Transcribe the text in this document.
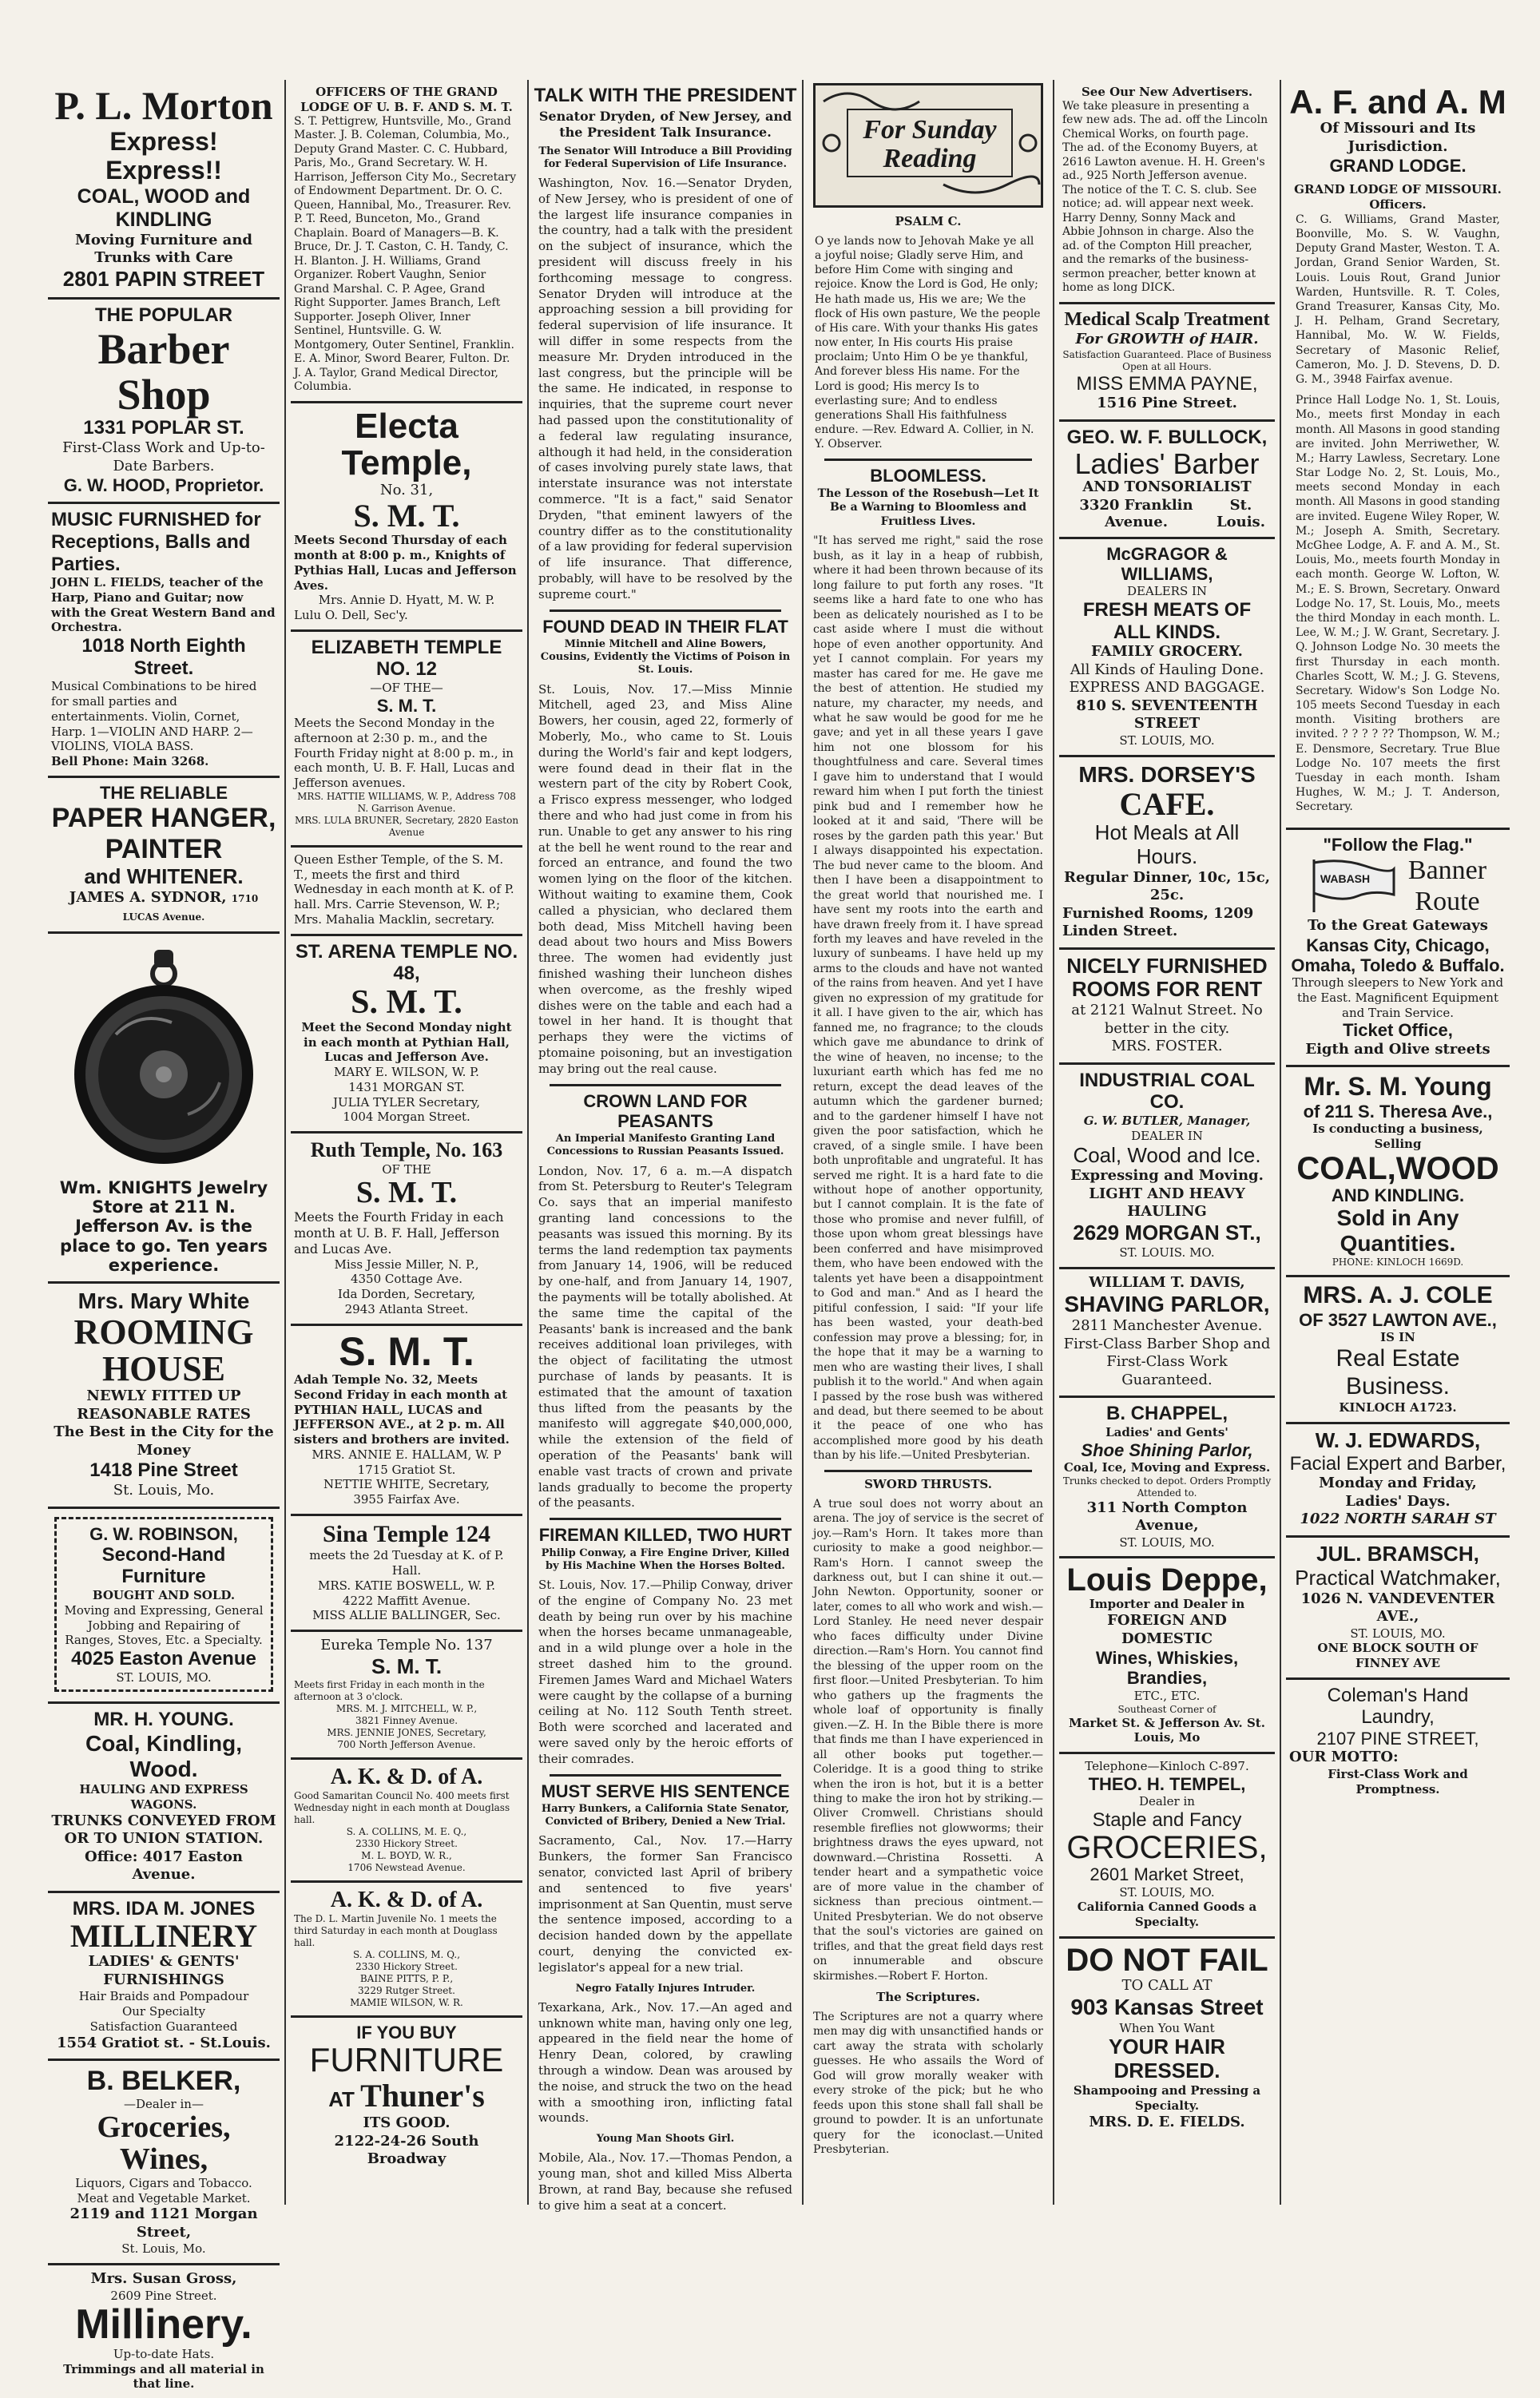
P. L. Morton
Express! Express!!
COAL, WOOD and KINDLING
Moving Furniture and Trunks with Care
2801 PAPIN STREET
THE POPULAR
Barber Shop
1331 POPLAR ST.
First-Class Work and Up-to-Date Barbers.
G. W. HOOD, Proprietor.
MUSIC FURNISHED for Receptions, Balls and Parties.
JOHN L. FIELDS, teacher of the Harp, Piano and Guitar; now with the Great Western Band and Orchestra.
1018 North Eighth Street.
Musical Combinations to be hired for small parties and entertainments. Violin, Cornet, Harp. 1—VIOLIN AND HARP. 2—VIOLINS, VIOLA BASS.
Bell Phone: Main 3268.
THE RELIABLE
PAPER HANGER,
PAINTER
and WHITENER.
JAMES A. SYDNOR, 1710 LUCAS Avenue.
Wm. KNIGHTS Jewelry Store at 211 N. Jefferson Av. is the place to go. Ten years experience.
Mrs. Mary White
ROOMING HOUSE
NEWLY FITTED UP REASONABLE RATES
The Best in the City for the Money
1418 Pine Street
St. Louis, Mo.
G. W. ROBINSON,
Second-Hand Furniture
BOUGHT AND SOLD.
Moving and Expressing, General Jobbing and Repairing of Ranges, Stoves, Etc. a Specialty.
4025 Easton Avenue
ST. LOUIS, MO.
MR. H. YOUNG.
Coal, Kindling, Wood.
HAULING AND EXPRESS WAGONS.
TRUNKS CONVEYED FROM OR TO UNION STATION.
Office: 4017 Easton Avenue.
MRS. IDA M. JONES
MILLINERY
LADIES' & GENTS' FURNISHINGS
Hair Braids and Pompadour
Our Specialty
Satisfaction Guaranteed
1554 Gratiot st. - St.Louis.
B. BELKER,
—Dealer in—
Groceries, Wines,
Liquors, Cigars and Tobacco.
Meat and Vegetable Market.
2119 and 1121 Morgan Street,
St. Louis, Mo.
Mrs. Susan Gross,
2609 Pine Street.
Millinery.
Up-to-date Hats.
Trimmings and all material in that line.
OFFICERS OF THE GRAND LODGE OF U. B. F. AND S. M. T.
S. T. Pettigrew, Huntsville, Mo., Grand Master. J. B. Coleman, Columbia, Mo., Deputy Grand Master. C. C. Hubbard, Paris, Mo., Grand Secretary. W. H. Harrison, Jefferson City Mo., Secretary of Endowment Department. Dr. O. C. Queen, Hannibal, Mo., Treasurer. Rev. P. T. Reed, Bunceton, Mo., Grand Chaplain. Board of Managers—B. K. Bruce, Dr. J. T. Caston, C. H. Tandy, C. H. Blanton. J. H. Williams, Grand Organizer. Robert Vaughn, Senior Grand Marshal. C. P. Agee, Grand Right Supporter. James Branch, Left Supporter. Joseph Oliver, Inner Sentinel, Huntsville. G. W. Montgomery, Outer Sentinel, Franklin. E. A. Minor, Sword Bearer, Fulton. Dr. J. A. Taylor, Grand Medical Director, Columbia.
Electa Temple,
No. 31,
S. M. T.
Meets Second Thursday of each month at 8:00 p. m., Knights of Pythias Hall, Lucas and Jefferson Aves.
Mrs. Annie D. Hyatt, M. W. P.
Lulu O. Dell, Sec'y.
ELIZABETH TEMPLE NO. 12
—OF THE—
S. M. T.
Meets the Second Monday in the afternoon at 2:30 p. m., and the Fourth Friday night at 8:00 p. m., in each month, U. B. F. Hall, Lucas and Jefferson avenues.
MRS. HATTIE WILLIAMS, W. P., Address 708 N. Garrison Avenue.
MRS. LULA BRUNER, Secretary, 2820 Easton Avenue
Queen Esther Temple, of the S. M. T., meets the first and third Wednesday in each month at K. of P. hall. Mrs. Carrie Stevenson, W. P.; Mrs. Mahalia Macklin, secretary.
ST. ARENA TEMPLE NO. 48,
S. M. T.
Meet the Second Monday night in each month at Pythian Hall, Lucas and Jefferson Ave.
MARY E. WILSON, W. P.
1431 MORGAN ST.
JULIA TYLER Secretary,
1004 Morgan Street.
Ruth Temple, No. 163
OF THE
S. M. T.
Meets the Fourth Friday in each month at U. B. F. Hall, Jefferson and Lucas Ave.
Miss Jessie Miller, N. P.,
4350 Cottage Ave.
Ida Dorden, Secretary,
2943 Atlanta Street.
S. M. T.
Adah Temple No. 32, Meets Second Friday in each month at PYTHIAN HALL, LUCAS and JEFFERSON AVE., at 2 p. m. All sisters and brothers are invited.
MRS. ANNIE E. HALLAM, W. P
1715 Gratiot St.
NETTIE WHITE, Secretary,
3955 Fairfax Ave.
Sina Temple 124
meets the 2d Tuesday at K. of P. Hall.
MRS. KATIE BOSWELL, W. P.
4222 Maffitt Avenue.
MISS ALLIE BALLINGER, Sec.
Eureka Temple No. 137
S. M. T.
Meets first Friday in each month in the afternoon at 3 o'clock.
MRS. M. J. MITCHELL, W. P.,
3821 Finney Avenue.
MRS. JENNIE JONES, Secretary,
700 North Jefferson Avenue.
A. K. & D. of A.
Good Samaritan Council No. 400 meets first Wednesday night in each month at Douglass hall.
S. A. COLLINS, M. E. Q.,
2330 Hickory Street.
M. L. BOYD, W. R.,
1706 Newstead Avenue.
A. K. & D. of A.
The D. L. Martin Juvenile No. 1 meets the third Saturday in each month at Douglass hall.
S. A. COLLINS, M. Q.,
2330 Hickory Street.
BAINE PITTS, P. P.,
3229 Rutger Street.
MAMIE WILSON, W. R.
IF YOU BUY
FURNITURE
AT Thuner's
ITS GOOD.
2122-24-26 South Broadway
TALK WITH THE PRESIDENT
Senator Dryden, of New Jersey, and the President Talk Insurance.
The Senator Will Introduce a Bill Providing for Federal Supervision of Life Insurance.
Washington, Nov. 16.—Senator Dryden, of New Jersey, who is president of one of the largest life insurance companies in the country, had a talk with the president on the subject of insurance, which the president will discuss freely in his forthcoming message to congress. Senator Dryden will introduce at the approaching session a bill providing for federal supervision of life insurance. It will differ in some respects from the measure Mr. Dryden introduced in the last congress, but the principle will be the same. He indicated, in response to inquiries, that the supreme court never had passed upon the constitutionality of a federal law regulating insurance, although it had held, in the consideration of cases involving purely state laws, that interstate insurance was not interstate commerce. "It is a fact," said Senator Dryden, "that eminent lawyers of the country differ as to the constitutionality of a law providing for federal supervision of life insurance. That difference, probably, will have to be resolved by the supreme court."
FOUND DEAD IN THEIR FLAT
Minnie Mitchell and Aline Bowers, Cousins, Evidently the Victims of Poison in St. Louis.
St. Louis, Nov. 17.—Miss Minnie Mitchell, aged 23, and Miss Aline Bowers, her cousin, aged 22, formerly of Moberly, Mo., who came to St. Louis during the World's fair and kept lodgers, were found dead in their flat in the western part of the city by Robert Cook, a Frisco express messenger, who lodged there and who had just come in from his run. Unable to get any answer to his ring at the bell he went round to the rear and forced an entrance, and found the two women lying on the floor of the kitchen. Without waiting to examine them, Cook called a physician, who declared them both dead, Miss Mitchell having been dead about two hours and Miss Bowers three. The women had evidently just finished washing their luncheon dishes when overcome, as the freshly wiped dishes were on the table and each had a towel in her hand. It is thought that perhaps they were the victims of ptomaine poisoning, but an investigation may bring out the real cause.
CROWN LAND FOR PEASANTS
An Imperial Manifesto Granting Land Concessions to Russian Peasants Issued.
London, Nov. 17, 6 a. m.—A dispatch from St. Petersburg to Reuter's Telegram Co. says that an imperial manifesto granting land concessions to the peasants was issued this morning. By its terms the land redemption tax payments from January 14, 1906, will be reduced by one-half, and from January 14, 1907, the payments will be totally abolished. At the same time the capital of the Peasants' bank is increased and the bank receives additional loan privileges, with the object of facilitating the utmost purchase of lands by peasants. It is estimated that the amount of taxation thus lifted from the peasants by the manifesto will aggregate $40,000,000, while the extension of the field of operation of the Peasants' bank will enable vast tracts of crown and private lands gradually to become the property of the peasants.
FIREMAN KILLED, TWO HURT
Philip Conway, a Fire Engine Driver, Killed by His Machine When the Horses Bolted.
St. Louis, Nov. 17.—Philip Conway, driver of the engine of Company No. 23 met death by being run over by his machine when the horses became unmanageable, and in a wild plunge over a hole in the street dashed him to the ground. Firemen James Ward and Michael Waters were caught by the collapse of a burning ceiling at No. 112 South Tenth street. Both were scorched and lacerated and were saved only by the heroic efforts of their comrades.
MUST SERVE HIS SENTENCE
Harry Bunkers, a California State Senator, Convicted of Bribery, Denied a New Trial.
Sacramento, Cal., Nov. 17.—Harry Bunkers, the former San Francisco senator, convicted last April of bribery and sentenced to five years' imprisonment at San Quentin, must serve the sentence imposed, according to a decision handed down by the appellate court, denying the convicted ex-legislator's appeal for a new trial.
Negro Fatally Injures Intruder.
Texarkana, Ark., Nov. 17.—An aged and unknown white man, having only one leg, appeared in the field near the home of Henry Dean, colored, by crawling through a window. Dean was aroused by the noise, and struck the two on the head with a smoothing iron, inflicting fatal wounds.
Young Man Shoots Girl.
Mobile, Ala., Nov. 17.—Thomas Pendon, a young man, shot and killed Miss Alberta Brown, at rand Bay, because she refused to give him a seat at a concert.
For Sunday Reading
PSALM C.
O ye lands now to Jehovah Make ye all a joyful noise; Gladly serve Him, and before Him Come with singing and rejoice. Know the Lord is God, He only; He hath made us, His we are; We the flock of His own pasture, We the people of His care. With your thanks His gates now enter, In His courts His praise proclaim; Unto Him O be ye thankful, And forever bless His name. For the Lord is good; His mercy Is to everlasting sure; And to endless generations Shall His faithfulness endure. —Rev. Edward A. Collier, in N. Y. Observer.
BLOOMLESS.
The Lesson of the Rosebush—Let It Be a Warning to Bloomless and Fruitless Lives.
"It has served me right," said the rose bush, as it lay in a heap of rubbish, where it had been thrown because of its long failure to put forth any roses. "It seems like a hard fate to one who has been as delicately nourished as I to be cast aside where I must die without hope of even another opportunity. And yet I cannot complain. For years my master has cared for me. He gave me the best of attention. He studied my nature, my character, my needs, and what he saw would be good for me he gave; and yet in all these years I gave him not one blossom for his thoughtfulness and care. Several times I gave him to understand that I would reward him when I put forth the tiniest pink bud and I remember how he looked at it and said, 'There will be roses by the garden path this year.' But I always disappointed his expectation. The bud never came to the bloom. And then I have been a disappointment to the great world that nourished me. I have sent my roots into the earth and have drawn freely from it. I have spread forth my leaves and have reveled in the luxury of sunbeams. I have held up my arms to the clouds and have not wanted of the rains from heaven. And yet I have given no expression of my gratitude for it all. I have given to the air, which has fanned me, no fragrance; to the clouds which gave me abundance to drink of the wine of heaven, no incense; to the luxuriant earth which has fed me no return, except the dead leaves of the autumn which the gardener burned; and to the gardener himself I have not given the poor satisfaction, which he craved, of a single smile. I have been both unprofitable and ungrateful. It has served me right. It is a hard fate to die without hope of another opportunity, but I cannot complain. It is the fate of those who promise and never fulfill, of those upon whom great blessings have been conferred and have misimproved them, who have been endowed with the talents yet have been a disappointment to God and man." And as I heard the pitiful confession, I said: "If your life has been wasted, your death-bed confession may prove a blessing; for, in the hope that it may be a warning to men who are wasting their lives, I shall publish it to the world." And when again I passed by the rose bush was withered and dead, but there seemed to be about it the peace of one who has accomplished more good by his death than by his life.—United Presbyterian.
SWORD THRUSTS.
A true soul does not worry about an arena. The joy of service is the secret of joy.—Ram's Horn. It takes more than curiosity to make a good neighbor.—Ram's Horn. I cannot sweep the darkness out, but I can shine it out.—John Newton. Opportunity, sooner or later, comes to all who work and wish.—Lord Stanley. He need never despair who faces difficulty under Divine direction.—Ram's Horn. You cannot find the blessing of the upper room on the first floor.—United Presbyterian. To him who gathers up the fragments the whole loaf of opportunity is finally given.—Z. H. In the Bible there is more that finds me than I have experienced in all other books put together.—Coleridge. It is a good thing to strike when the iron is hot, but it is a better thing to make the iron hot by striking.—Oliver Cromwell. Christians should resemble fireflies not glowworms; their brightness draws the eyes upward, not downward.—Christina Rossetti. A tender heart and a sympathetic voice are of more value in the chamber of sickness than precious ointment.—United Presbyterian. We do not observe that the soul's victories are gained on trifles, and that the great field days rest on innumerable and obscure skirmishes.—Robert F. Horton.
The Scriptures.
The Scriptures are not a quarry where men may dig with unsanctified hands or cart away the strata with scholarly guesses. He who assails the Word of God will grow morally weaker with every stroke of the pick; but he who feeds upon this stone shall fall shall be ground to powder. It is an unfortunate query for the iconoclast.—United Presbyterian.
See Our New Advertisers.
We take pleasure in presenting a few new ads. The ad. off the Lincoln Chemical Works, on fourth page. The ad. of the Economy Buyers, at 2616 Lawton avenue. H. H. Green's ad., 925 North Jefferson avenue. The notice of the T. C. S. club. See notice; ad. will appear next week. Harry Denny, Sonny Mack and Abbie Johnson in charge. Also the ad. of the Compton Hill preacher, and the remarks of the business-sermon preacher, better known at home as long DICK.
Medical Scalp Treatment
For GROWTH of HAIR.
Satisfaction Guaranteed. Place of Business Open at all Hours.
MISS EMMA PAYNE,
1516 Pine Street.
GEO. W. F. BULLOCK,
Ladies' Barber
AND TONSORIALIST
3320 Franklin Avenue.
St. Louis.
McGRAGOR & WILLIAMS,
DEALERS IN
FRESH MEATS OF ALL KINDS.
FAMILY GROCERY.
All Kinds of Hauling Done. EXPRESS AND BAGGAGE.
810 S. SEVENTEENTH STREET
ST. LOUIS, MO.
MRS. DORSEY'S
CAFE.
Hot Meals at All Hours.
Regular Dinner, 10c, 15c, 25c.
Furnished Rooms, 1209 Linden Street.
NICELY FURNISHED ROOMS FOR RENT
at 2121 Walnut Street. No better in the city.
MRS. FOSTER.
INDUSTRIAL COAL CO.
G. W. BUTLER, Manager,
DEALER IN
Coal, Wood and Ice.
Expressing and Moving.
LIGHT AND HEAVY HAULING
2629 MORGAN ST.,
ST. LOUIS. MO.
WILLIAM T. DAVIS,
SHAVING PARLOR,
2811 Manchester Avenue.
First-Class Barber Shop and First-Class Work Guaranteed.
B. CHAPPEL,
Ladies' and Gents'
Shoe Shining Parlor,
Coal, Ice, Moving and Express.
Trunks checked to depot. Orders Promptly Attended to.
311 North Compton Avenue,
ST. LOUIS, MO.
Louis Deppe,
Importer and Dealer in
FOREIGN AND DOMESTIC
Wines, Whiskies, Brandies,
ETC., ETC.
Southeast Corner of
Market St. & Jefferson Av. St. Louis, Mo
Telephone—Kinloch C-897.
THEO. H. TEMPEL,
Dealer in
Staple and Fancy
GROCERIES,
2601 Market Street,
ST. LOUIS, MO.
California Canned Goods a Specialty.
DO NOT FAIL
TO CALL AT
903 Kansas Street
When You Want
YOUR HAIR DRESSED.
Shampooing and Pressing a Specialty.
MRS. D. E. FIELDS.
A. F. and A. M
Of Missouri and Its Jurisdiction.
GRAND LODGE.
GRAND LODGE OF MISSOURI.
Officers.
C. G. Williams, Grand Master, Boonville, Mo. S. W. Vaughn, Deputy Grand Master, Weston. T. A. Jordan, Grand Senior Warden, St. Louis. Louis Rout, Grand Junior Warden, Huntsville. R. T. Coles, Grand Treasurer, Kansas City, Mo. J. H. Pelham, Grand Secretary, Hannibal, Mo. W. W. Fields, Secretary of Masonic Relief, Cameron, Mo. J. D. Stevens, D. D. G. M., 3948 Fairfax avenue.
Prince Hall Lodge No. 1, St. Louis, Mo., meets first Monday in each month. All Masons in good standing are invited. John Merriwether, W. M.; Harry Lawless, Secretary. Lone Star Lodge No. 2, St. Louis, Mo., meets second Monday in each month. All Masons in good standing are invited. Eugene Wiley Roper, W. M.; Joseph A. Smith, Secretary. McGhee Lodge, A. F. and A. M., St. Louis, Mo., meets fourth Monday in each month. George W. Lofton, W. M.; E. S. Brown, Secretary. Onward Lodge No. 17, St. Louis, Mo., meets the third Monday in each month. L. Lee, W. M.; J. W. Grant, Secretary. J. Q. Johnson Lodge No. 30 meets the first Thursday in each month. Charles Scott, W. M.; J. G. Stevens, Secretary. Widow's Son Lodge No. 105 meets Second Tuesday in each month. Visiting brothers are invited. ? ? ? ? ?? Thompson, W. M.; E. Densmore, Secretary. True Blue Lodge No. 107 meets the first Tuesday in each month. Isham Hughes, W. M.; J. T. Anderson, Secretary.
"Follow the Flag."
WABASH Banner
Route
To the Great Gateways
Kansas City, Chicago, Omaha, Toledo & Buffalo.
Through sleepers to New York and the East. Magnificent Equipment and Train Service.
Ticket Office,
Eigth and Olive streets
Mr. S. M. Young
of 211 S. Theresa Ave.,
Is conducting a business, Selling
COAL,WOOD
AND KINDLING.
Sold in Any Quantities.
PHONE: KINLOCH 1669D.
MRS. A. J. COLE
OF 3527 LAWTON AVE.,
IS IN
Real Estate Business.
KINLOCH A1723.
W. J. EDWARDS,
Facial Expert and Barber,
Monday and Friday, Ladies' Days.
1022 NORTH SARAH ST
JUL. BRAMSCH,
Practical Watchmaker,
1026 N. VANDEVENTER AVE.,
ST. LOUIS, MO.
ONE BLOCK SOUTH OF FINNEY AVE
Coleman's Hand Laundry,
2107 PINE STREET,
OUR MOTTO:
First-Class Work and Promptness.
